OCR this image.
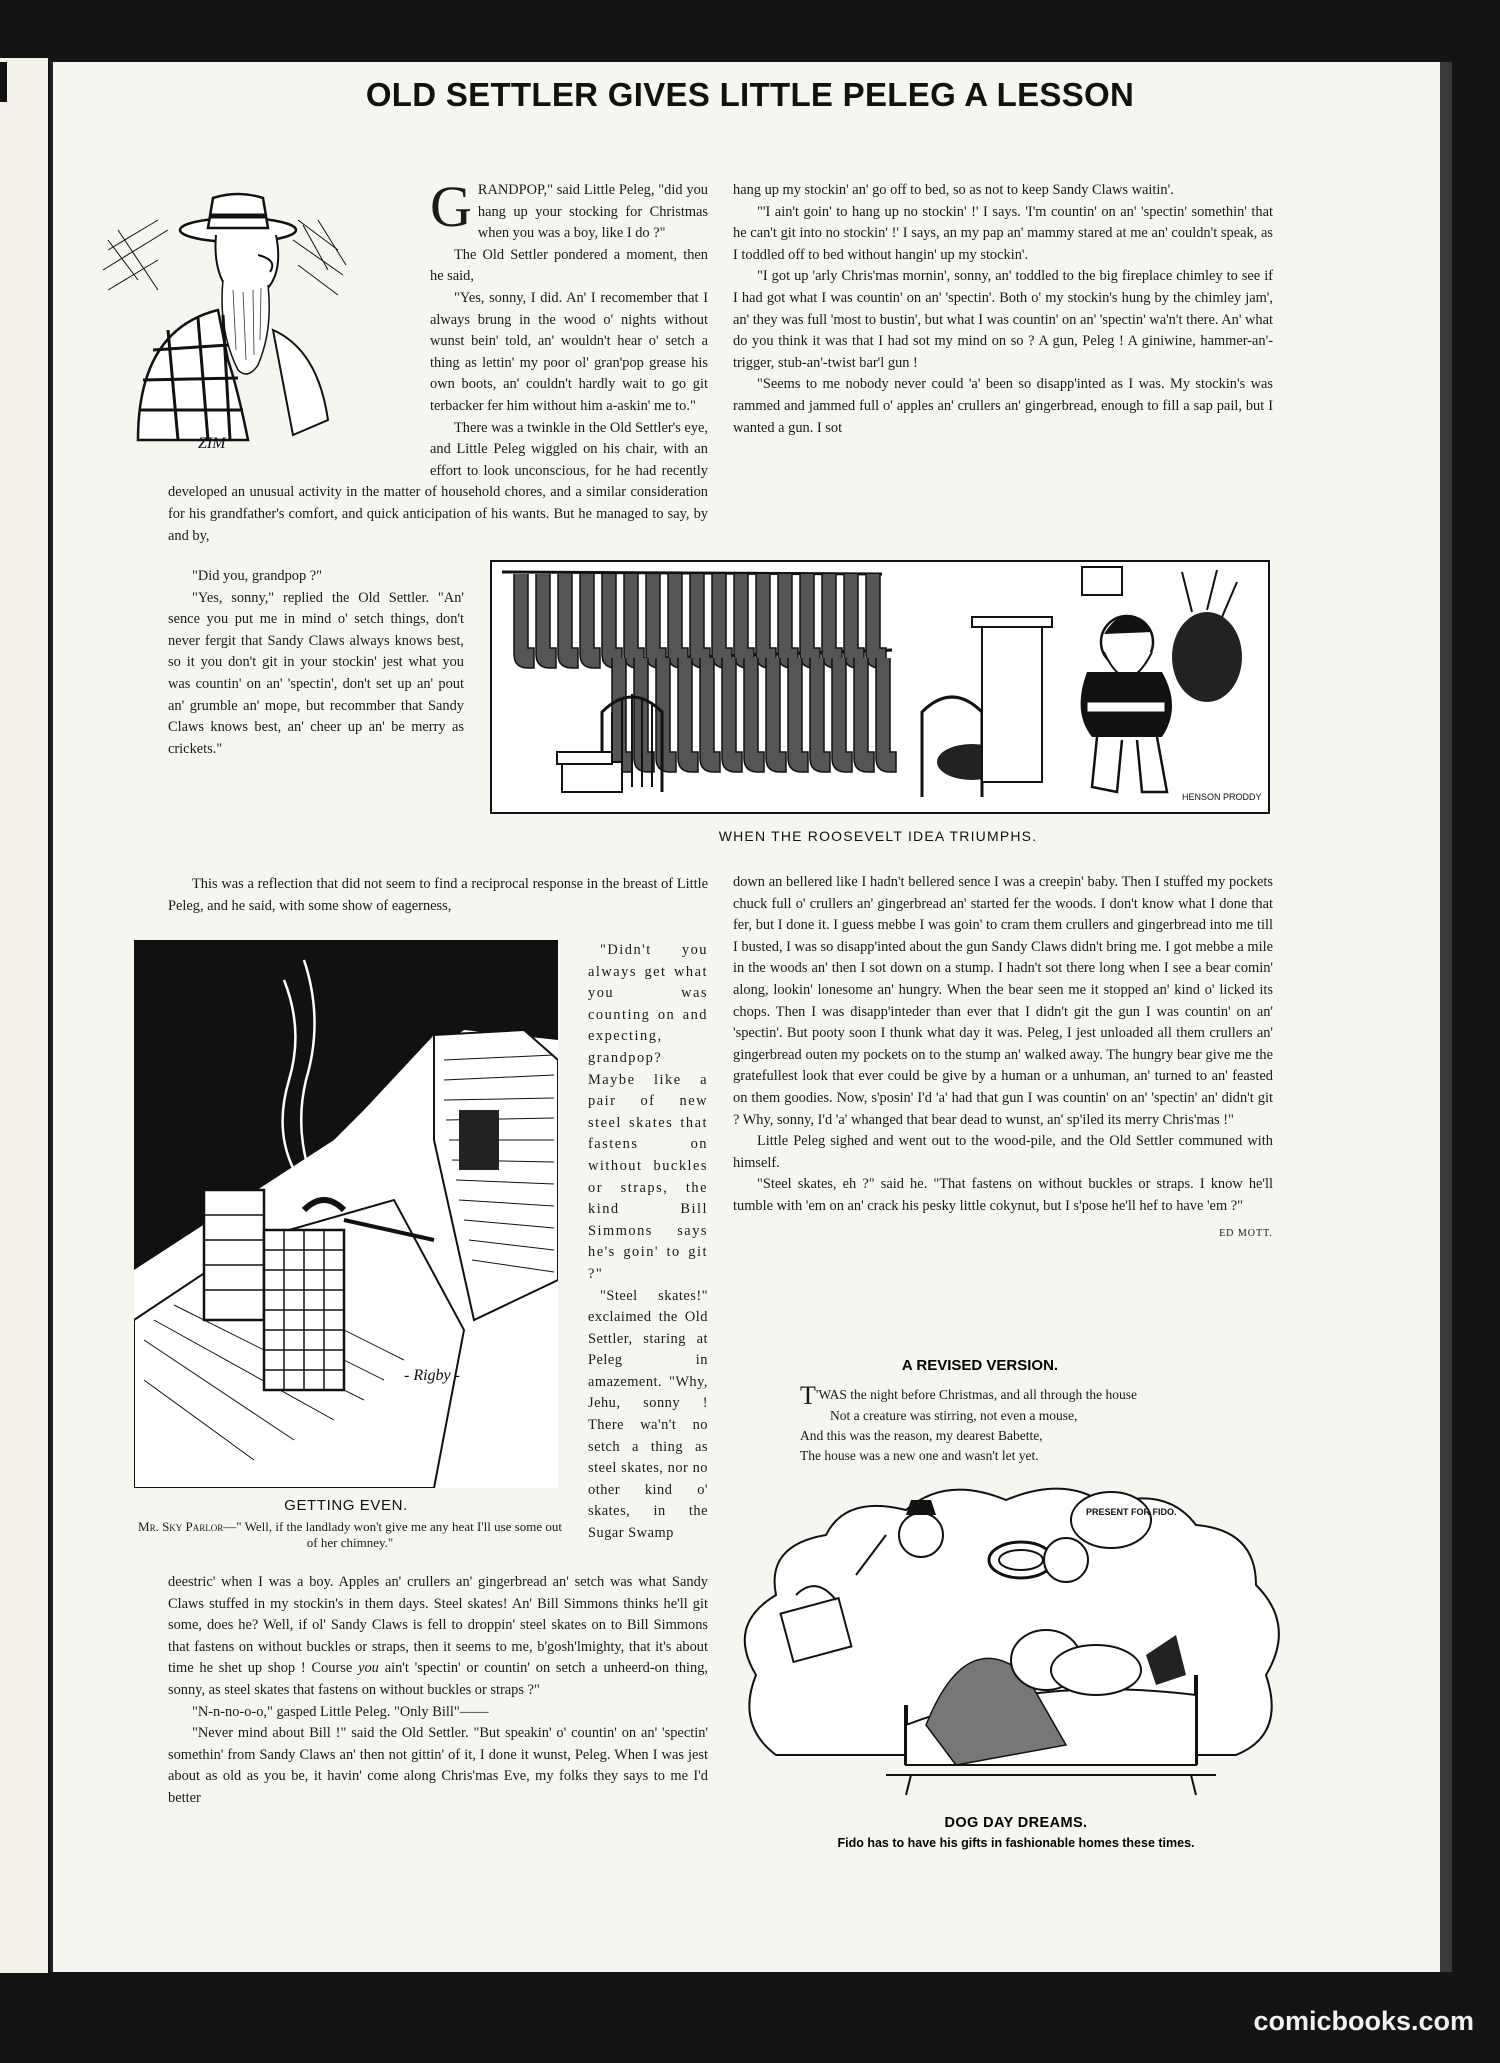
OLD SETTLER GIVES LITTLE PELEG A LESSON
ZIM

GRANDPOP," said Little Peleg, "did you hang up your stocking for Christmas when you was a boy, like I do ?"

The Old Settler pondered a moment, then he said,

"Yes, sonny, I did. An' I recomember that I always brung in the wood o' nights without wunst bein' told, an' wouldn't hear o' setch a thing as lettin' my poor ol' gran'pop grease his own boots, an' couldn't hardly wait to go git terbacker fer him without him a-askin' me to."

There was a twinkle in the Old Settler's eye, and Little Peleg wiggled on his chair, with an effort to look unconscious, for he had recently developed an unusual activity in the matter of household chores, and a similar consideration for his grandfather's comfort, and quick anticipation of his wants. But he managed to say, by and by,

HENSON PRODDY
WHEN THE ROOSEVELT IDEA TRIUMPHS.

"Did you, grandpop ?"

"Yes, sonny," replied the Old Settler. "An' sence you put me in mind o' setch things, don't never fergit that Sandy Claws always knows best, so it you don't git in your stockin' jest what you was countin' on an' 'spectin', don't set up an' pout an' grumble an' mope, but recommber that Sandy Claws knows best, an' cheer up an' be merry as crickets."

This was a reflection that did not seem to find a reciprocal response in the breast of Little Peleg, and he said, with some show of eagerness,

- Rigby -
GETTING EVEN.
Mr. Sky Parlor—" Well, if the landlady won't give me any heat I'll use some out of her chimney."

"Didn't you always get what you was counting on and expecting, grandpop? Maybe like a pair of new steel skates that fastens on without buckles or straps, the kind Bill Simmons says he's goin' to git ?"

"Steel skates!" exclaimed the Old Settler, staring at Peleg in amazement. "Why, Jehu, sonny ! There wa'n't no setch a thing as steel skates, nor no other kind o' skates, in the Sugar Swamp

deestric' when I was a boy. Apples an' crullers an' gingerbread an' setch was what Sandy Claws stuffed in my stockin's in them days. Steel skates! An' Bill Simmons thinks he'll git some, does he? Well, if ol' Sandy Claws is fell to droppin' steel skates on to Bill Simmons that fastens on without buckles or straps, then it seems to me, b'gosh'lmighty, that it's about time he shet up shop ! Course you ain't 'spectin' or countin' on setch a unheerd-on thing, sonny, as steel skates that fastens on without buckles or straps ?"

"N-n-no-o-o," gasped Little Peleg. "Only Bill"——

"Never mind about Bill !" said the Old Settler. "But speakin' o' countin' on an' 'spectin' somethin' from Sandy Claws an' then not gittin' of it, I done it wunst, Peleg. When I was jest about as old as you be, it havin' come along Chris'mas Eve, my folks they says to me I'd better

hang up my stockin' an' go off to bed, so as not to keep Sandy Claws waitin'.

"'I ain't goin' to hang up no stockin' !' I says. 'I'm countin' on an' 'spectin' somethin' that he can't git into no stockin' !' I says, an my pap an' mammy stared at me an' couldn't speak, as I toddled off to bed without hangin' up my stockin'.

"I got up 'arly Chris'mas mornin', sonny, an' toddled to the big fireplace chimley to see if I had got what I was countin' on an' 'spectin'. Both o' my stockin's hung by the chimley jam', an' they was full 'most to bustin', but what I was countin' on an' 'spectin' wa'n't there. An' what do you think it was that I had sot my mind on so ? A gun, Peleg ! A giniwine, hammer-an'-trigger, stub-an'-twist bar'l gun !

"Seems to me nobody never could 'a' been so disapp'inted as I was. My stockin's was rammed and jammed full o' apples an' crullers an' gingerbread, enough to fill a sap pail, but I wanted a gun. I sot

down an bellered like I hadn't bellered sence I was a creepin' baby. Then I stuffed my pockets chuck full o' crullers an' gingerbread an' started fer the woods. I don't know what I done that fer, but I done it. I guess mebbe I was goin' to cram them crullers and gingerbread into me till I busted, I was so disapp'inted about the gun Sandy Claws didn't bring me. I got mebbe a mile in the woods an' then I sot down on a stump. I hadn't sot there long when I see a bear comin' along, lookin' lonesome an' hungry. When the bear seen me it stopped an' kind o' licked its chops. Then I was disapp'inteder than ever that I didn't git the gun I was countin' on an' 'spectin'. But pooty soon I thunk what day it was. Peleg, I jest unloaded all them crullers an' gingerbread outen my pockets on to the stump an' walked away. The hungry bear give me the gratefullest look that ever could be give by a human or a unhuman, an' turned to an' feasted on them goodies. Now, s'posin' I'd 'a' had that gun I was countin' on an' 'spectin' an' didn't git ? Why, sonny, I'd 'a' whanged that bear dead to wunst, an' sp'iled its merry Chris'mas !"

Little Peleg sighed and went out to the wood-pile, and the Old Settler communed with himself.

"Steel skates, eh ?" said he. "That fastens on without buckles or straps. I know he'll tumble with 'em on an' crack his pesky little cokynut, but I s'pose he'll hef to have 'em ?"
ED MOTT.

A REVISED VERSION.
T'WAS the night before Christmas, and all through the house
Not a creature was stirring, not even a mouse,
And this was the reason, my dearest Babette,
The house was a new one and wasn't let yet.
PRESENT FOR FIDO.
DOG DAY DREAMS.
Fido has to have his gifts in fashionable homes these times.
comicbooks.com
